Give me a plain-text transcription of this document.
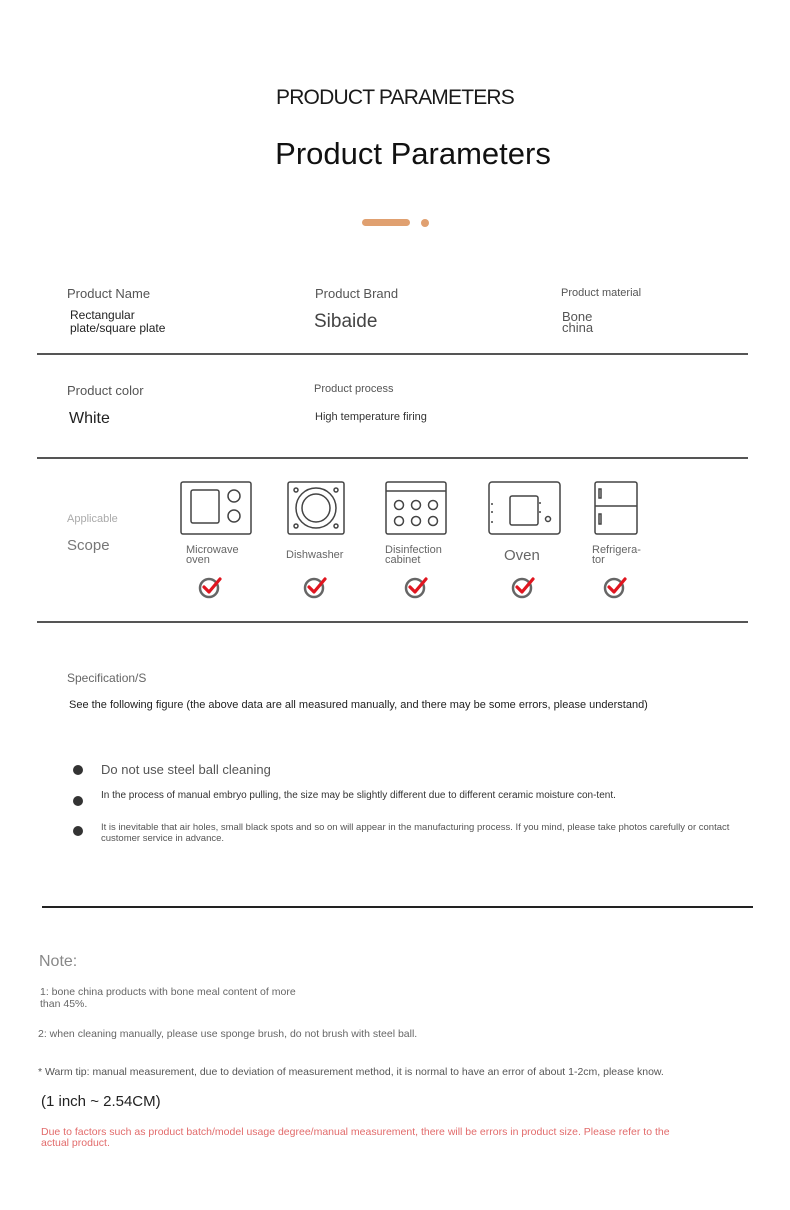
PRODUCT PARAMETERS
Product Parameters
Product Name
Rectangular plate/square plate
Product Brand
Sibaide
Product material
Bone
china
Product color
White
Product process
High temperature firing
Applicable
Scope	Microwave
oven	Dishwasher	Disinfection
cabinet	Oven	Refrigera-
tor
Specification/S
See the following figure (the above data are all measured manually, and there may be some errors, please understand)
Do not use steel ball cleaning
In the process of manual embryo pulling, the size may be slightly different due to different ceramic moisture con-tent.
It is inevitable that air holes, small black spots and so on will appear in the manufacturing process. If you mind, please take photos carefully or contact customer service in advance.
Note:
1: bone china products with bone meal content of more than 45%.
2: when cleaning manually, please use sponge brush, do not brush with steel ball.
* Warm tip: manual measurement, due to deviation of measurement method, it is normal to have an error of about 1-2cm, please know.
(1 inch ~ 2.54CM)
Due to factors such as product batch/model usage degree/manual measurement, there will be errors in product size. Please refer to the actual product.
